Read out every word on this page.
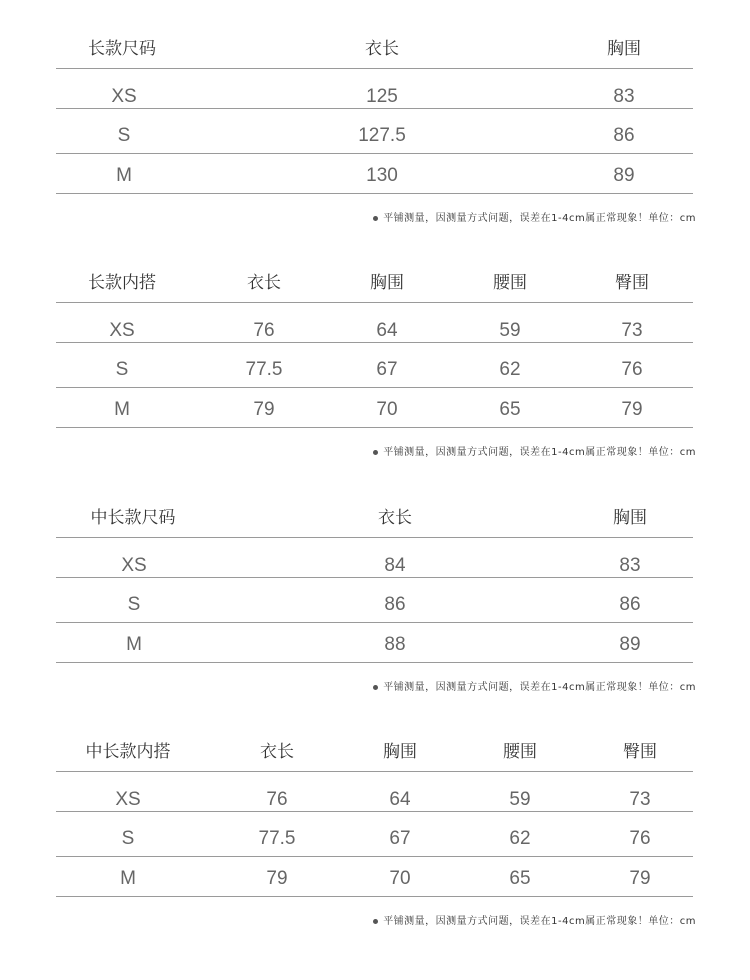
长款尺码	衣长	胸围
XS	125	83
S	127.5	86
M	130	89
平铺测量，因测量方式问题，误差在1-4cm属正常现象！单位：cm
长款内搭	衣长	胸围	腰围	臀围
XS	76	64	59	73
S	77.5	67	62	76
M	79	70	65	79
平铺测量，因测量方式问题，误差在1-4cm属正常现象！单位：cm
中长款尺码	衣长	胸围
XS	84	83
S	86	86
M	88	89
平铺测量，因测量方式问题，误差在1-4cm属正常现象！单位：cm
中长款内搭	衣长	胸围	腰围	臀围
XS	76	64	59	73
S	77.5	67	62	76
M	79	70	65	79
平铺测量，因测量方式问题，误差在1-4cm属正常现象！单位：cm
